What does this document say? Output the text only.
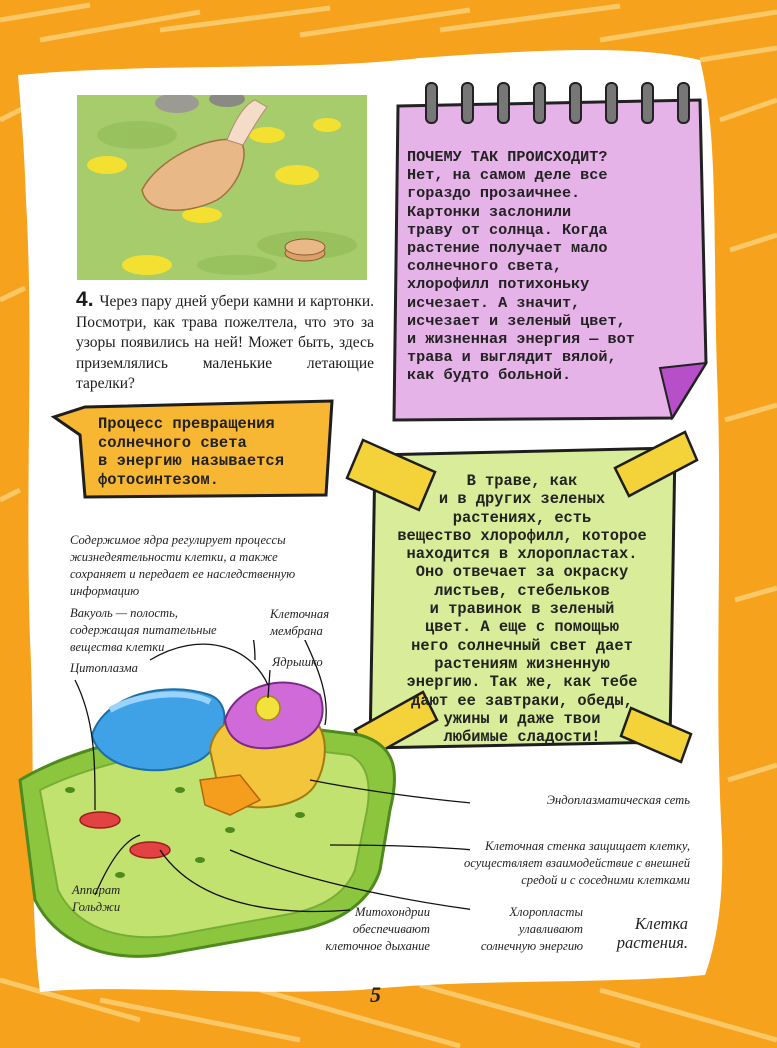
4. Через пару дней убери камни и картонки. Посмотри, как трава пожелтела, что это за узоры появились на ней! Может быть, здесь приземлялись маленькие летающие тарелки?
ПОЧЕМУ ТАК ПРОИСХОДИТ?
Нет, на самом деле все
гораздо прозаичнее.
Картонки заслонили
траву от солнца. Когда
растение получает мало
солнечного света,
хлорофилл потихоньку
исчезает. А значит,
исчезает и зеленый цвет,
и жизненная энергия — вот
трава и выглядит вялой,
как будто больной.
Процесс превращения
солнечного света
в энергию называется
фотосинтезом.	В траве, как
и в других зеленых
растениях, есть
вещество хлорофилл, которое
находится в хлоропластах.
Оно отвечает за окраску
листьев, стебельков
и травинок в зеленый
цвет. А еще с помощью
него солнечный свет дает
растениям жизненную
энергию. Так же, как тебе
дают ее завтраки, обеды,
ужины и даже твои
любимые сладости!
Содержимое ядра регулирует процессы
жизнедеятельности клетки, а также
сохраняет и передает ее наследственную
информацию
Вакуоль — полость,
содержащая питательные
вещества клетки
Клеточная
мембрана
Ядрышко
Цитоплазма
Эндоплазматическая сеть
Клеточная стенка защищает клетку,
осуществляет взаимодействие с внешней
средой и с соседними клетками
Аппарат
Гольджи	Митохондрии
обеспечивают
клеточное дыхание
Хлоропласты
улавливают
солнечную энергию
Клетка
растения.
5
